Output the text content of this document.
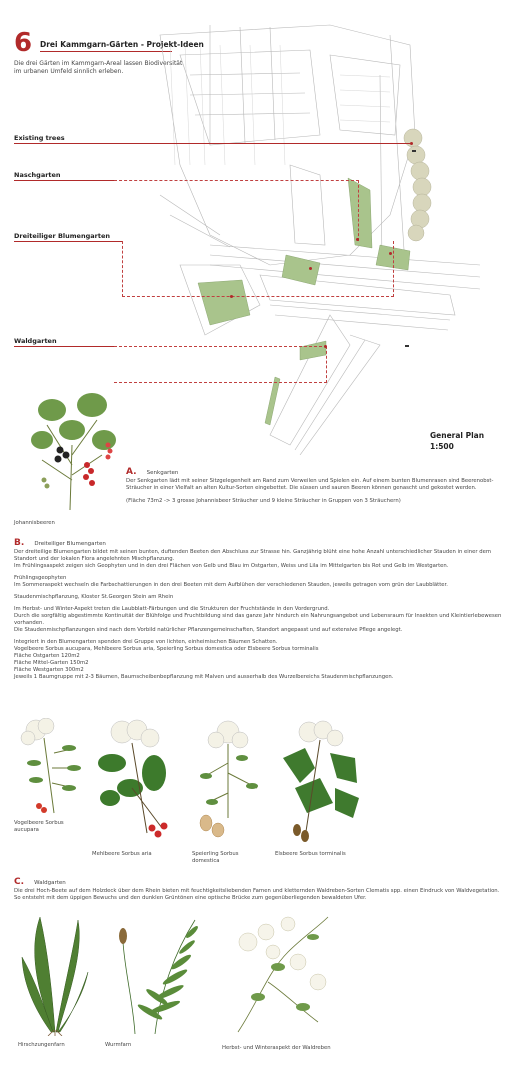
6 Drei Kammgarn-Gärten - Projekt-Ideen
Die drei Gärten im Kammgarn-Areal lassen Biodiversität im urbanen Umfeld sinnlich erleben.
Existing trees
Naschgarten
Dreiteiliger Blumengarten
Waldgarten
General Plan
1:500
Johannisbeeren
A. Senkgarten
Der Senkgarten lädt mit seiner Sitzgelegenheit am Rand zum Verweilen und Spielen ein. Auf einem bunten Blumenrasen sind Beerenobst-Sträucher in einer Vielfalt an alten Kultur-Sorten eingebettet. Die süssen und sauren Beeren können genascht und gekostet werden.
(Fläche 73m2 -> 3 grosse Johannisbeer Sträucher und 9 kleine Sträucher in Gruppen von 3 Sträuchern)
B. Dreiteiliger Blumengarten
Der dreiteilige Blumengarten bildet mit seinen bunten, duftenden Beeten den Abschluss zur Strasse hin. Ganzjährig blüht eine hohe Anzahl unterschiedlicher Stauden in einer dem Standort und der lokalen Flora angelehnten Mischpflanzung.
Im Frühlingsaspekt zeigen sich Geophyten und in den drei Flächen von Gelb und Blau im Ostgarten, Weiss und Lila im Mittelgarten bis Rot und Gelb im Westgarten.
Frühlingsgeophyten
Im Sommeraspekt wechseln die Farbschattierungen in den drei Beeten mit dem Aufblühen der verschiedenen Stauden, jeweils getragen vom grün der Laubblätter.
Staudenmischpflanzung, Kloster St.Georgen Stein am Rhein
Im Herbst- und Winter-Aspekt treten die Laubblatt-Färbungen und die Strukturen der Fruchtstände in den Vordergrund.
Durch die sorgfältig abgestimmte Kontinuität der Blühfolge und Fruchtbildung sind das ganze Jahr hindurch ein Nahrungsangebot und Lebensraum für Insekten und Kleintierlebewesen vorhanden.
Die Staudenmischpflanzungen sind nach dem Vorbild natürlicher Pflanzengemeinschaften, Standort angepasst und auf extensive Pflege angelegt.
Integriert in den Blumengarten spenden drei Gruppe von lichten, einheimischen Bäumen Schatten.
Vogelbeere Sorbus aucupara, Mehlbeere Sorbus aria, Speierling Sorbus domestica oder Elsbeere Sorbus torminalis
Fläche Ostgarten 120m2
Fläche Mittel-Garten 150m2
Fläche Westgarten 300m2
Jeweils 1 Baumgruppe mit 2-3 Bäumen, Baumscheibenbepflanzung mit Malven und ausserhalb des Wurzelbereichs Staudenmischpflanzungen.
Vogelbeere Sorbus aucupara
Mehlbeere Sorbus aria	Speierling Sorbus domestica
Elsbeere Sorbus torminalis
C. Waldgarten
Die drei Hoch-Beete auf dem Holzdeck über dem Rhein bieten mit feuchtigkeitsliebenden Farnen und kletternden Waldreben-Sorten Clematis spp. einen Eindruck von Waldvegetation. So entsteht mit dem üppigen Bewuchs und den dunklen Grüntönen eine optische Brücke zum gegenüberliegenden bewaldeten Ufer.
Hirschzungenfarn	Wurmfarn	Herbst- und Winteraspekt der Waldreben
